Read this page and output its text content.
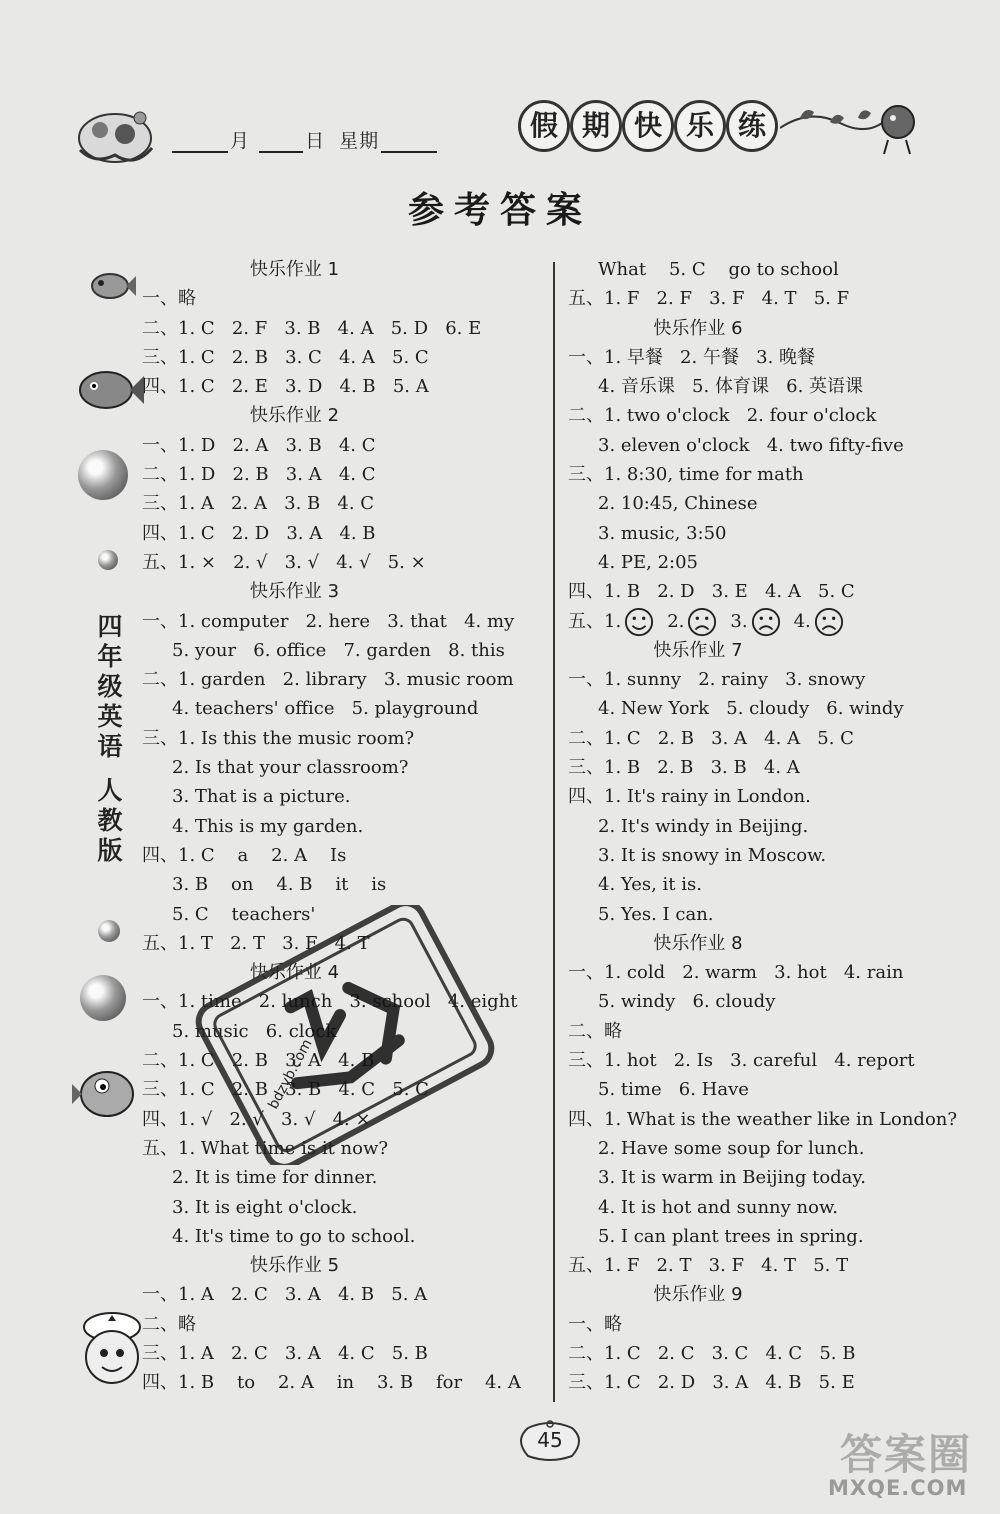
月	日 星期	假 期 快 乐 练
参考答案
四
年
级
英
语
人
教
版
快乐作业 1
一、略
二、1. C   2. F   3. B   4. A   5. D   6. E
三、1. C   2. B   3. C   4. A   5. C
四、1. C   2. E   3. D   4. B   5. A
快乐作业 2
一、1. D   2. A   3. B   4. C
二、1. D   2. B   3. A   4. C
三、1. A   2. A   3. B   4. C
四、1. C   2. D   3. A   4. B
五、1. ×   2. √   3. √   4. √   5. ×
快乐作业 3
一、1. computer   2. here   3. that   4. my
5. your   6. office   7. garden   8. this
二、1. garden   2. library   3. music room
4. teachers' office   5. playground
三、1. Is this the music room?
2. Is that your classroom?
3. That is a picture.
4. This is my garden.
四、1. C    a    2. A    Is
3. B    on    4. B    it    is
5. C    teachers'
五、1. T   2. T   3. F   4. T
快乐作业 4
一、1. time   2. lunch   3. school   4. eight
5. music   6. clock
二、1. C   2. B   3. A   4. B
三、1. C   2. B   3. B   4. C   5. C
四、1. √   2. √   3. √   4. ×
五、1. What time is it now?
2. It is time for dinner.
3. It is eight o'clock.
4. It's time to go to school.
快乐作业 5
一、1. A   2. C   3. A   4. B   5. A
二、略
三、1. A   2. C   3. A   4. C   5. B
四、1. B    to    2. A    in    3. B    for    4. A
What    5. C    go to school
五、1. F   2. F   3. F   4. T   5. F
快乐作业 6
一、1. 早餐   2. 午餐   3. 晚餐
4. 音乐课   5. 体育课   6. 英语课
二、1. two o'clock   2. four o'clock
3. eleven o'clock   4. two fifty-five
三、1. 8:30, time for math
2. 10:45, Chinese
3. music, 3:50
4. PE, 2:05
四、1. B   2. D   3. E   4. A   5. C
五、1.	2.	3.	4.
快乐作业 7
一、1. sunny   2. rainy   3. snowy
4. New York   5. cloudy   6. windy
二、1. C   2. B   3. A   4. A   5. C
三、1. B   2. B   3. B   4. A
四、1. It's rainy in London.
2. It's windy in Beijing.
3. It is snowy in Moscow.
4. Yes, it is.
5. Yes. I can.
快乐作业 8
一、1. cold   2. warm   3. hot   4. rain
5. windy   6. cloudy
二、略
三、1. hot   2. Is   3. careful   4. report
5. time   6. Have
四、1. What is the weather like in London?
2. Have some soup for lunch.
3. It is warm in Beijing today.
4. It is hot and sunny now.
5. I can plant trees in spring.
五、1. F   2. T   3. F   4. T   5. T
快乐作业 9
一、略
二、1. C   2. C   3. C   4. C   5. B
三、1. C   2. D   3. A   4. B   5. E
bdzyb.com
45	答案圈
MXQE.COM
